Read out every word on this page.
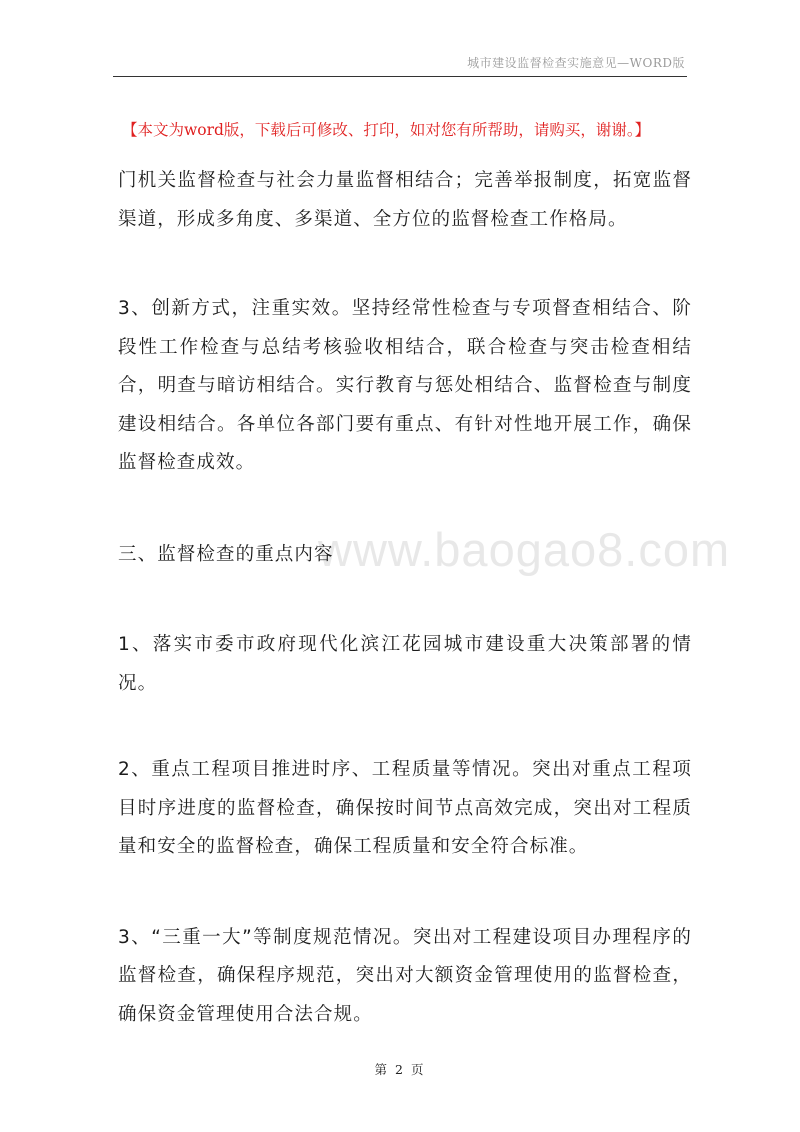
城市建设监督检查实施意见—WORD版
【本文为word版，下载后可修改、打印，如对您有所帮助，请购买，谢谢。】
www.baogao8.com

门机关监督检查与社会力量监督相结合；完善举报制度，拓宽监督渠道，形成多角度、多渠道、全方位的监督检查工作格局。

3、创新方式，注重实效。坚持经常性检查与专项督查相结合、阶段性工作检查与总结考核验收相结合，联合检查与突击检查相结合，明查与暗访相结合。实行教育与惩处相结合、监督检查与制度建设相结合。各单位各部门要有重点、有针对性地开展工作，确保监督检查成效。

三、监督检查的重点内容

1、落实市委市政府现代化滨江花园城市建设重大决策部署的情况。

2、重点工程项目推进时序、工程质量等情况。突出对重点工程项目时序进度的监督检查，确保按时间节点高效完成，突出对工程质量和安全的监督检查，确保工程质量和安全符合标准。

3、“三重一大”等制度规范情况。突出对工程建设项目办理程序的监督检查，确保程序规范，突出对大额资金管理使用的监督检查，确保资金管理使用合法合规。

第 2 页
